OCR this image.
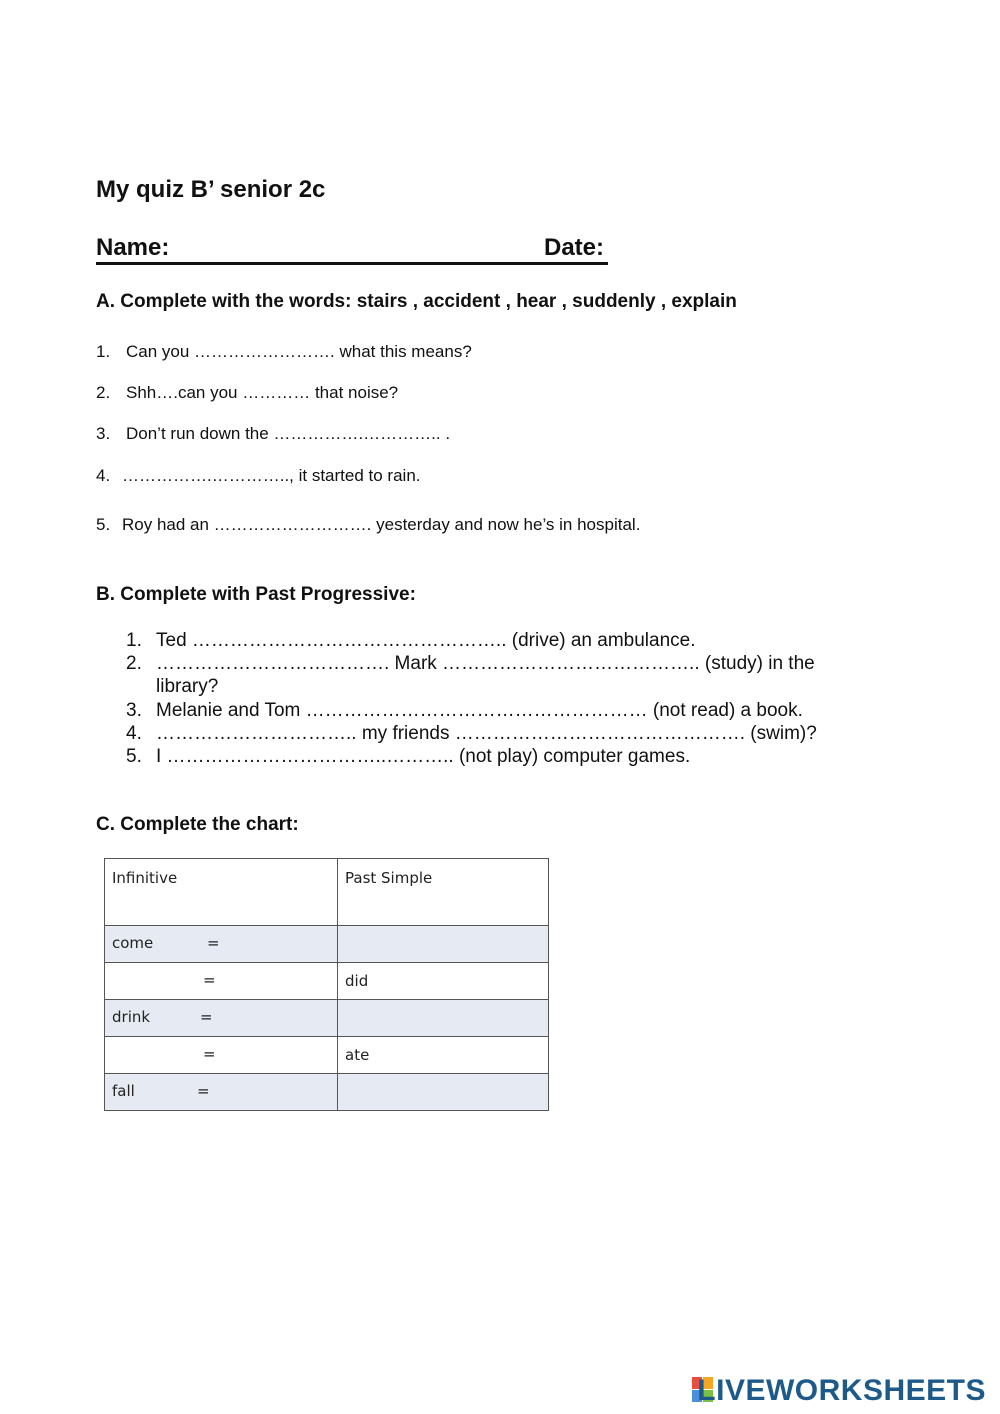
My quiz B’ senior 2c
Name:	Date:
A. Complete with the words: stairs , accident , hear , suddenly , explain
1. Can you ……………………. what this means?
2. Shh….can you ………… that noise?
3. Don’t run down the …………….………….. .
4. …………….………….., it started to rain.
5. Roy had an ………………………. yesterday and now he’s in hospital.
B. Complete with Past Progressive:
1. Ted ………………………………………….. (drive) an ambulance.
2. ………………………………. Mark ………………………………….. (study) in the
library?
3. Melanie and Tom ……………………………………………… (not read) a book.
4. ………………………….. my friends ………………………………………. (swim)?
5. I ……………………………..……….. (not play) computer games.
C. Complete the chart:
Infinitive	Past Simple

come =	

=	did

drink =	

=	ate

fall =	

LIVEWORKSHEETS
